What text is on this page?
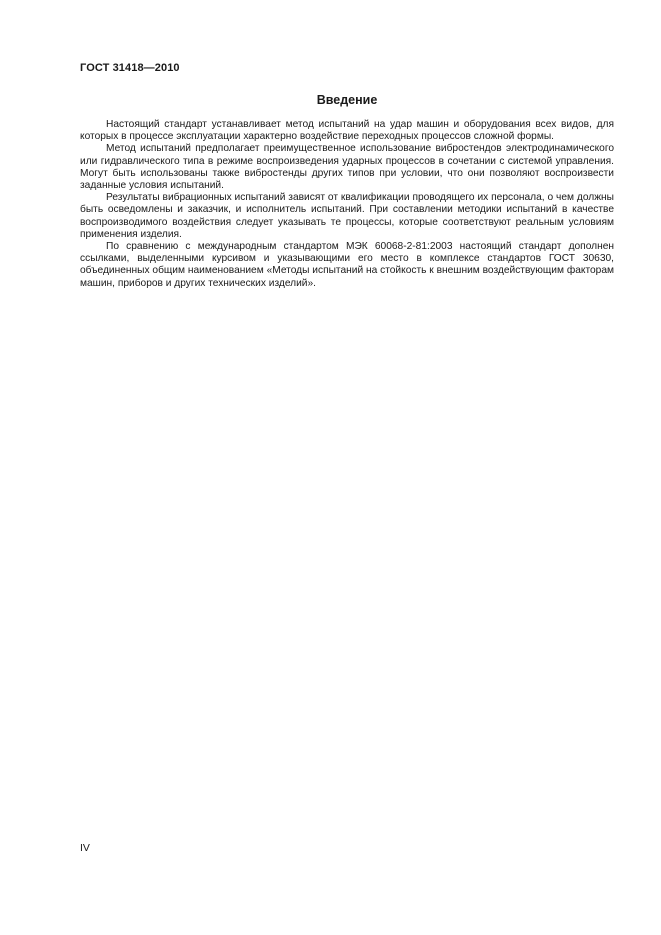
ГОСТ 31418—2010
Введение

Настоящий стандарт устанавливает метод испытаний на удар машин и оборудования всех видов, для которых в процессе эксплуатации характерно воздействие переходных процессов сложной формы.

Метод испытаний предполагает преимущественное использование вибростендов электродинамического или гидравлического типа в режиме воспроизведения ударных процессов в сочетании с системой управления. Могут быть использованы также вибростенды других типов при условии, что они позволяют воспроизвести заданные условия испытаний.

Результаты вибрационных испытаний зависят от квалификации проводящего их персонала, о чем должны быть осведомлены и заказчик, и исполнитель испытаний. При составлении методики испытаний в качестве воспроизводимого воздействия следует указывать те процессы, которые соответствуют реальным условиям применения изделия.

По сравнению с международным стандартом МЭК 60068-2-81:2003 настоящий стандарт дополнен ссылками, выделенными курсивом и указывающими его место в комплексе стандартов ГОСТ 30630, объединенных общим наименованием «Методы испытаний на стойкость к внешним воздействующим факторам машин, приборов и других технических изделий».

IV
